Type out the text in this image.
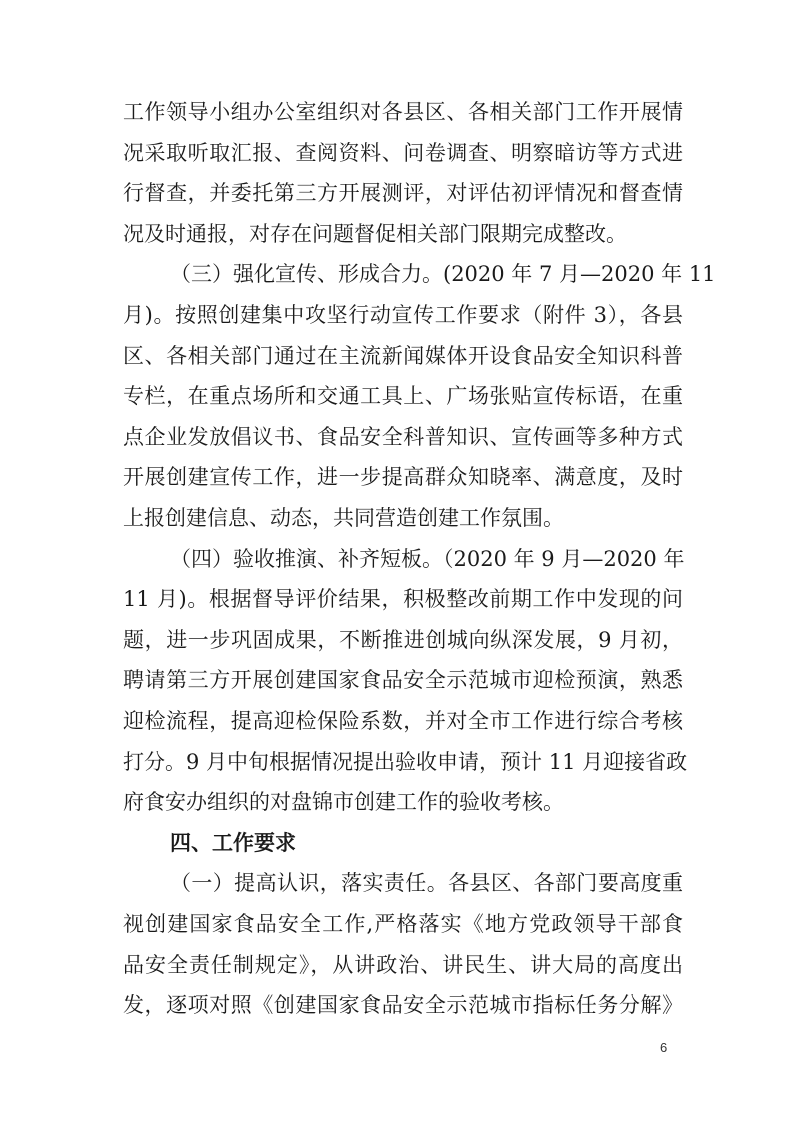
工作领导小组办公室组织对各县区、各相关部门工作开展情
况采取听取汇报、查阅资料、问卷调查、明察暗访等方式进
行督查，并委托第三方开展测评，对评估初评情况和督查情
况及时通报，对存在问题督促相关部门限期完成整改。
（三）强化宣传、形成合力。(2020 年 7 月—2020 年 11
月)。按照创建集中攻坚行动宣传工作要求（附件 3），各县
区、各相关部门通过在主流新闻媒体开设食品安全知识科普
专栏，在重点场所和交通工具上、广场张贴宣传标语，在重
点企业发放倡议书、食品安全科普知识、宣传画等多种方式
开展创建宣传工作，进一步提高群众知晓率、满意度，及时
上报创建信息、动态，共同营造创建工作氛围。
（四）验收推演、补齐短板。（2020 年 9 月—2020 年
11 月)。根据督导评价结果，积极整改前期工作中发现的问
题，进一步巩固成果，不断推进创城向纵深发展，9 月初，
聘请第三方开展创建国家食品安全示范城市迎检预演，熟悉
迎检流程，提高迎检保险系数，并对全市工作进行综合考核
打分。9 月中旬根据情况提出验收申请，预计 11 月迎接省政
府食安办组织的对盘锦市创建工作的验收考核。
四、工作要求
（一）提高认识，落实责任。各县区、各部门要高度重
视创建国家食品安全工作,严格落实《地方党政领导干部食
6
品安全责任制规定》，从讲政治、讲民生、讲大局的高度出
发，逐项对照《创建国家食品安全示范城市指标任务分解》
